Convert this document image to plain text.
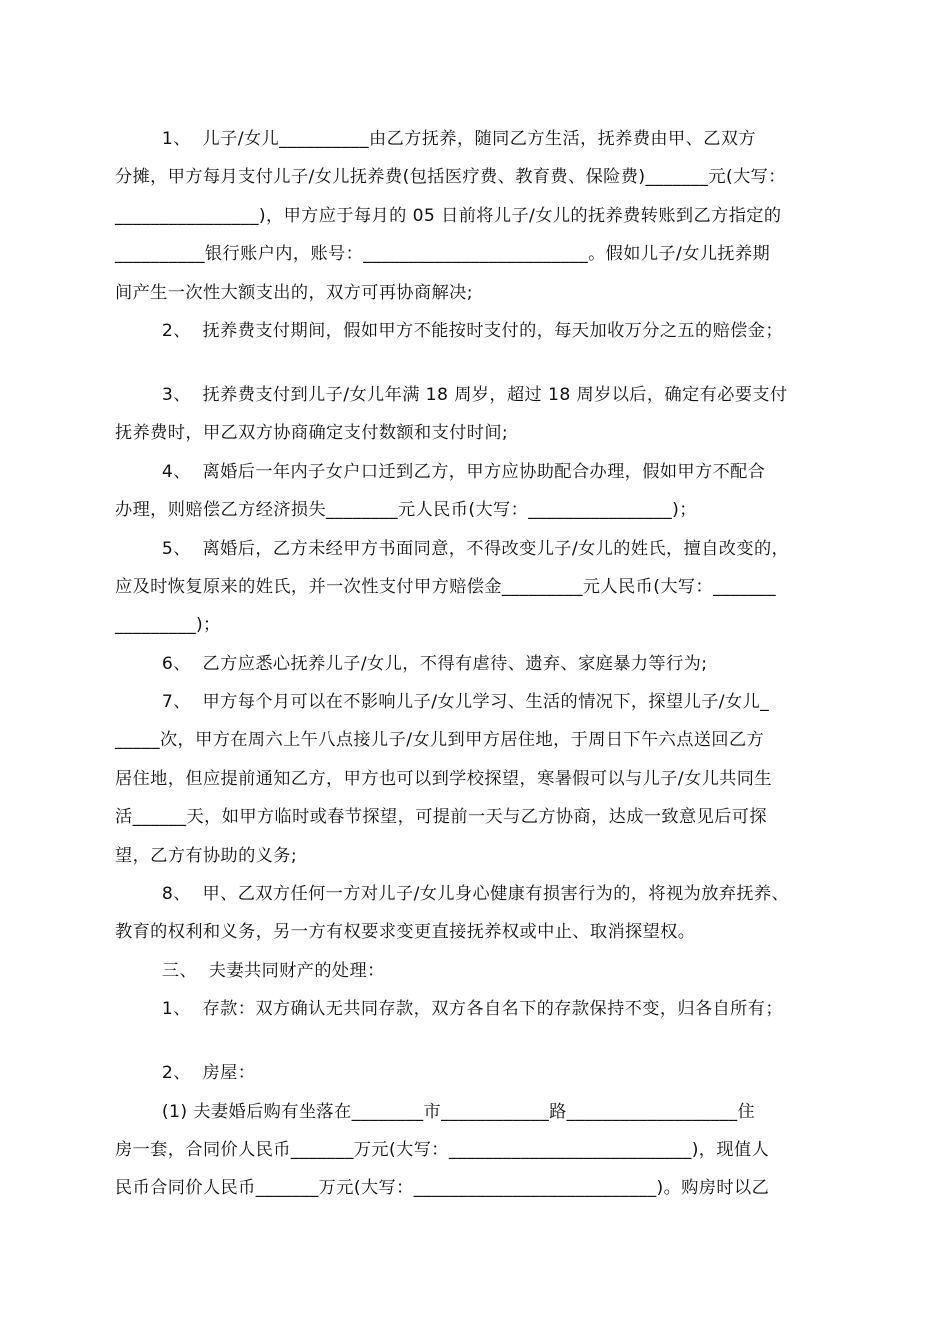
1、  儿子/女儿__________由乙方抚养，随同乙方生活，抚养费由甲、乙双方
分摊，甲方每月支付儿子/女儿抚养费(包括医疗费、教育费、保险费)_______元(大写：
________________)，甲方应于每月的 05 日前将儿子/女儿的抚养费转账到乙方指定的
__________银行账户内，账号：_________________________。假如儿子/女儿抚养期
间产生一次性大额支出的，双方可再协商解决;
2、  抚养费支付期间，假如甲方不能按时支付的，每天加收万分之五的赔偿金；
3、  抚养费支付到儿子/女儿年满 18 周岁，超过 18 周岁以后，确定有必要支付
抚养费时，甲乙双方协商确定支付数额和支付时间;
4、  离婚后一年内子女户口迁到乙方，甲方应协助配合办理，假如甲方不配合
办理，则赔偿乙方经济损失________元人民币(大写：________________)；
5、  离婚后，乙方未经甲方书面同意，不得改变儿子/女儿的姓氏，擅自改变的，
应及时恢复原来的姓氏，并一次性支付甲方赔偿金_________元人民币(大写：_______
_________)；
6、  乙方应悉心抚养儿子/女儿，不得有虐待、遗弃、家庭暴力等行为;
7、  甲方每个月可以在不影响儿子/女儿学习、生活的情况下，探望儿子/女儿_
_____次，甲方在周六上午八点接儿子/女儿到甲方居住地，于周日下午六点送回乙方
居住地，但应提前通知乙方，甲方也可以到学校探望，寒暑假可以与儿子/女儿共同生
活______天，如甲方临时或春节探望，可提前一天与乙方协商，达成一致意见后可探
望，乙方有协助的义务;
8、  甲、乙双方任何一方对儿子/女儿身心健康有损害行为的，将视为放弃抚养、
教育的权利和义务，另一方有权要求变更直接抚养权或中止、取消探望权。
三、  夫妻共同财产的处理：
1、  存款：双方确认无共同存款，双方各自名下的存款保持不变，归各自所有；
2、  房屋：
(1) 夫妻婚后购有坐落在________市____________路___________________住
房一套，合同价人民币_______万元(大写：___________________________)，现值人
民币合同价人民币_______万元(大写：___________________________)。购房时以乙
